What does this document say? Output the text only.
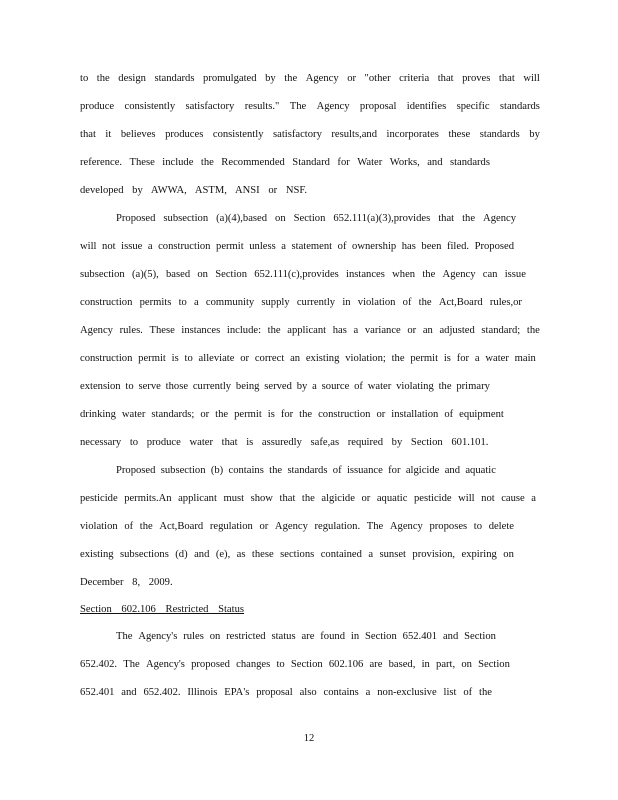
to the design standards promulgated by the Agency or "other criteria that proves that will
produce consistently satisfactory results." The Agency proposal identifies specific standards
that it believes produces consistently satisfactory results,and incorporates these standards by
reference. These include the Recommended Standard for Water Works, and standards
developed by AWWA, ASTM, ANSI or NSF.
Proposed subsection (a)(4),based on Section 652.111(a)(3),provides that the Agency
will not issue a construction permit unless a statement of ownership has been filed. Proposed
subsection (a)(5), based on Section 652.111(c),provides instances when the Agency can issue
construction permits to a community supply currently in violation of the Act,Board rules,or
Agency rules. These instances include: the applicant has a variance or an adjusted standard; the
construction permit is to alleviate or correct an existing violation; the permit is for a water main
extension to serve those currently being served by a source of water violating the primary
drinking water standards; or the permit is for the construction or installation of equipment
necessary to produce water that is assuredly safe,as required by Section 601.101.
Proposed subsection (b) contains the standards of issuance for algicide and aquatic
pesticide permits.An applicant must show that the algicide or aquatic pesticide will not cause a
violation of the Act,Board regulation or Agency regulation. The Agency proposes to delete
existing subsections (d) and (e), as these sections contained a sunset provision, expiring on
December 8, 2009.
Section 602.106 Restricted Status
The Agency's rules on restricted status are found in Section 652.401 and Section
652.402. The Agency's proposed changes to Section 602.106 are based, in part, on Section
652.401 and 652.402. Illinois EPA's proposal also contains a non-exclusive list of the
12
